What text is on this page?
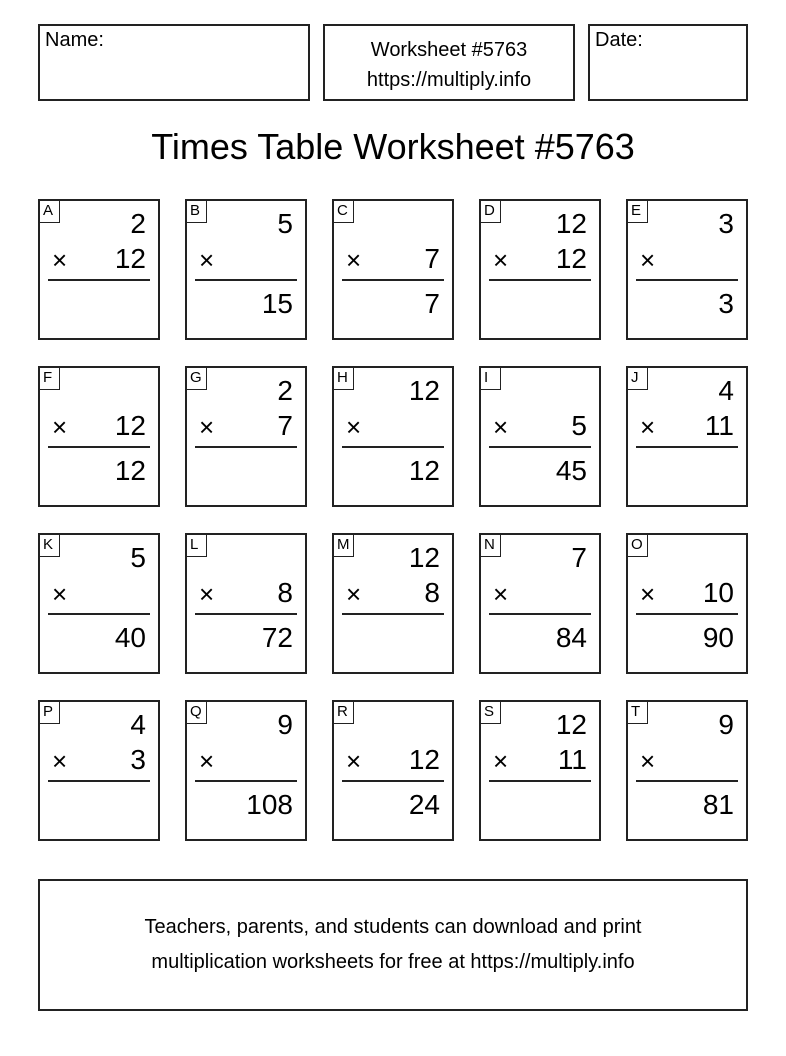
Name:	Worksheet #5763
https://multiply.info
Date:
Times Table Worksheet #5763
A	2
× 12
B	5
×
15
C
× 7
7
D 12
× 12
E	3
×
3
F
× 12
12
G	2
× 7
H 12
×
12
I
× 5
45
J	4
× 11
K	5
×
40
L
× 8
72
M 12
× 8
N	7
×
84
O
× 10
90
P	4
× 3
Q	9
×
108
R
× 12
24
S 12
× 11
T	9
×
81
Teachers, parents, and students can download and print
multiplication worksheets for free at https://multiply.info
